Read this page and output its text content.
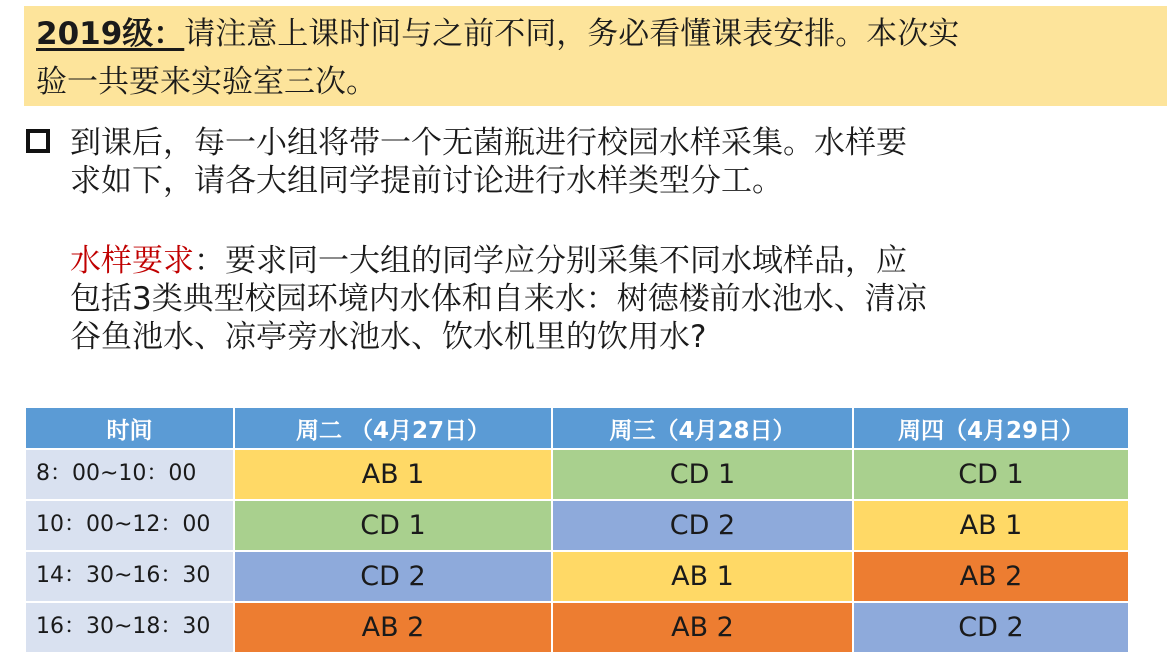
2019级：请注意上课时间与之前不同，务必看懂课表安排。本次实
验一共要来实验室三次。
到课后，每一小组将带一个无菌瓶进行校园水样采集。水样要
求如下，请各大组同学提前讨论进行水样类型分工。
水样要求：要求同一大组的同学应分别采集不同水域样品，应
包括3类典型校园环境内水体和自来水：树德楼前水池水、清凉
谷鱼池水、凉亭旁水池水、饮水机里的饮用水?
时间	周二 （4月27日）	周三（4月28日）	周四（4月29日）
8：00~10：00	AB 1	CD 1	CD 1
10：00~12：00	CD 1	CD 2	AB 1
14：30~16：30	CD 2	AB 1	AB 2
16：30~18：30	AB 2	AB 2	CD 2
